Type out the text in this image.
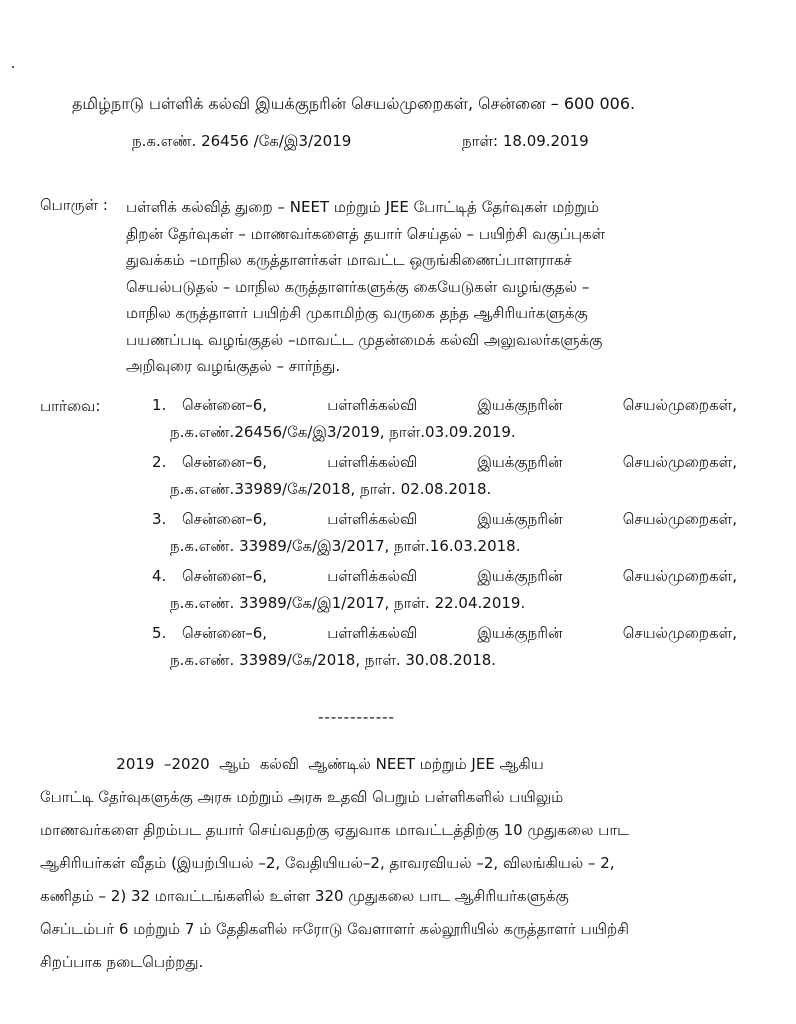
தமிழ்நாடு பள்ளிக் கல்வி இயக்குநரின் செயல்முறைகள், சென்னை – 600 006.
ந.க.எண். 26456 /கே/இ3/2019	நாள்: 18.09.2019
பொருள் : பள்ளிக் கல்வித் துறை – NEET மற்றும் JEE போட்டித் தேர்வுகள் மற்றும்
திறன் தேர்வுகள் – மாணவர்களைத் தயார் செய்தல் – பயிற்சி வகுப்புகள்
துவக்கம் –மாநில கருத்தாளர்கள் மாவட்ட ஒருங்கிணைப்பாளராகச்
செயல்படுதல் – மாநில கருத்தாளர்களுக்கு கையேடுகள் வழங்குதல் –
மாநில கருத்தாளர் பயிற்சி முகாமிற்கு வருகை தந்த ஆசிரியர்களுக்கு
பயணப்படி வழங்குதல் –மாவட்ட முதன்மைக் கல்வி அலுவலர்களுக்கு
அறிவுரை வழங்குதல் – சார்ந்து.
பார்வை:	1.	சென்னை–6,	பள்ளிக்கல்வி	இயக்குநரின்	செயல்முறைகள்,
ந.க.எண்.26456/கே/இ3/2019, நாள்.03.09.2019.
2.	சென்னை–6,	பள்ளிக்கல்வி	இயக்குநரின்	செயல்முறைகள்,
ந.க.எண்.33989/கே/2018, நாள். 02.08.2018.
3.	சென்னை–6,	பள்ளிக்கல்வி	இயக்குநரின்	செயல்முறைகள்,
ந.க.எண். 33989/கே/இ3/2017, நாள்.16.03.2018.
4.	சென்னை–6,	பள்ளிக்கல்வி	இயக்குநரின்	செயல்முறைகள்,
ந.க.எண். 33989/கே/இ1/2017, நாள். 22.04.2019.
5.	சென்னை–6,	பள்ளிக்கல்வி	இயக்குநரின்	செயல்முறைகள்,
ந.க.எண். 33989/கே/2018, நாள். 30.08.2018.
------------
2019  –2020  ஆம்  கல்வி  ஆண்டில் NEET மற்றும் JEE ஆகிய
போட்டி தேர்வுகளுக்கு அரசு மற்றும் அரசு உதவி பெறும் பள்ளிகளில் பயிலும்
மாணவர்களை திறம்பட தயார் செய்வதற்கு ஏதுவாக மாவட்டத்திற்கு 10 முதுகலை பாட
ஆசிரியர்கள் வீதம் (இயற்பியல் –2, வேதியியல்–2, தாவரவியல் –2, விலங்கியல் – 2,
கணிதம் – 2) 32 மாவட்டங்களில் உள்ள 320 முதுகலை பாட ஆசிரியர்களுக்கு
செப்டம்பர் 6 மற்றும் 7 ம் தேதிகளில் ஈரோடு வேளாளர் கல்லூரியில் கருத்தாளர் பயிற்சி
சிறப்பாக நடைபெற்றது.
